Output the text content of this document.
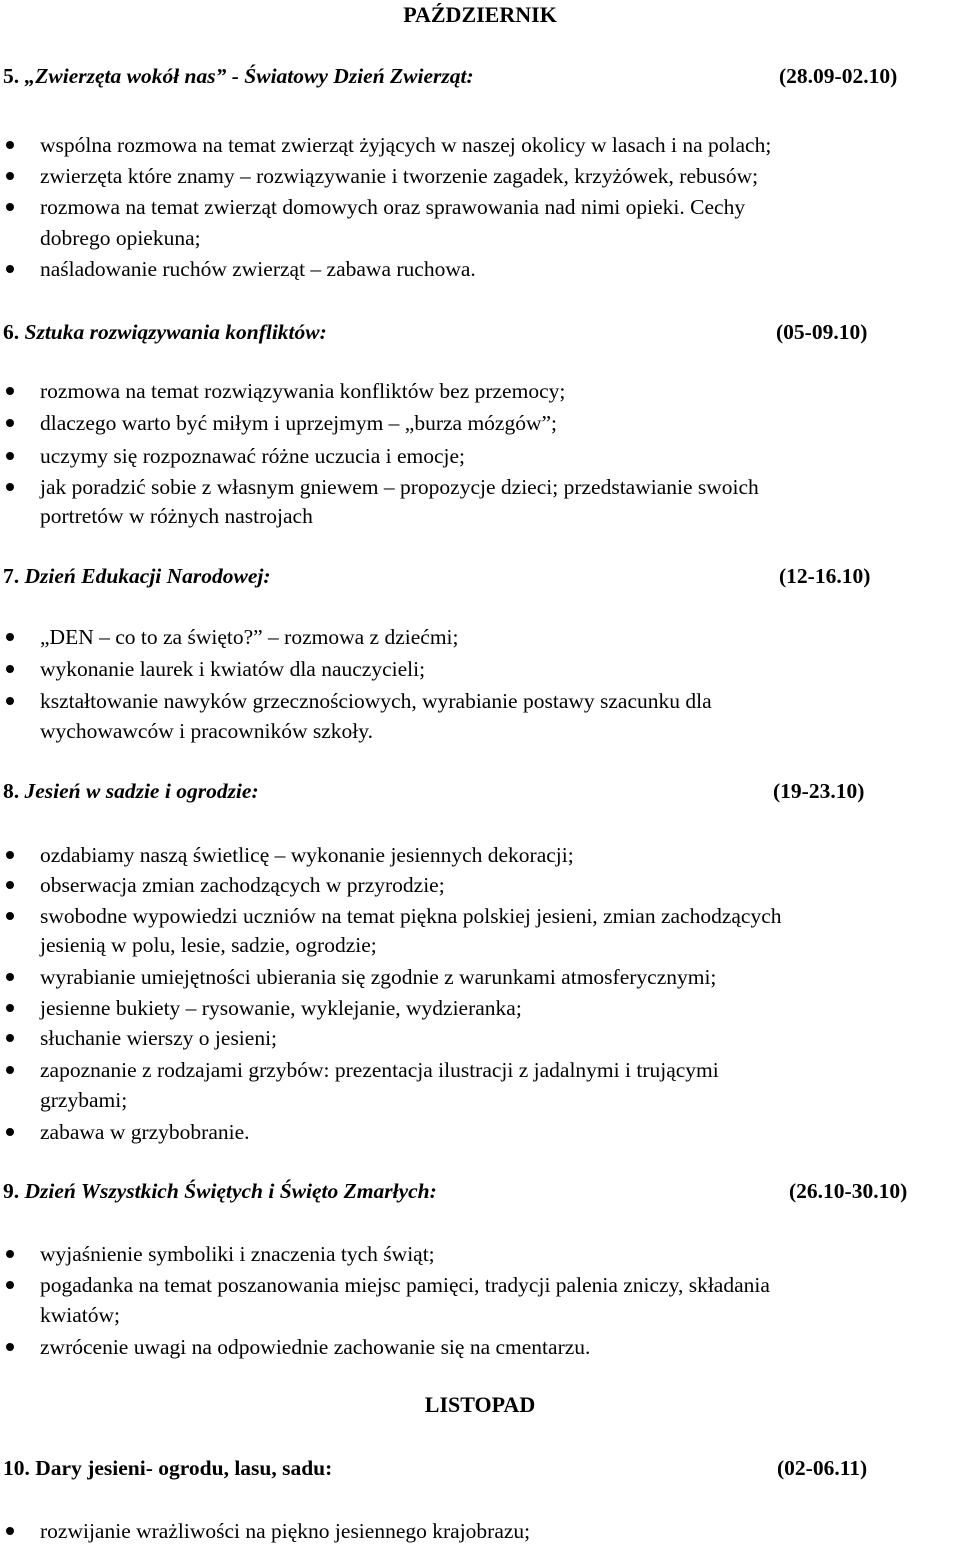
PAŹDZIERNIK
5. „Zwierzęta wokół nas” - Światowy Dzień Zwierząt:	(28.09-02.10)
wspólna rozmowa na temat zwierząt żyjących w naszej okolicy w lasach i na polach;
zwierzęta które znamy – rozwiązywanie i tworzenie zagadek, krzyżówek, rebusów;
rozmowa na temat zwierząt domowych oraz sprawowania nad nimi opieki. Cechy
dobrego opiekuna;
naśladowanie ruchów zwierząt – zabawa ruchowa.
6. Sztuka rozwiązywania konfliktów:	(05-09.10)
rozmowa na temat rozwiązywania konfliktów bez przemocy;
dlaczego warto być miłym i uprzejmym – „burza mózgów”;
uczymy się rozpoznawać różne uczucia i emocje;
jak poradzić sobie z własnym gniewem – propozycje dzieci; przedstawianie swoich
portretów w różnych nastrojach
7. Dzień Edukacji Narodowej:	(12-16.10)
„DEN – co to za święto?” – rozmowa z dziećmi;
wykonanie laurek i kwiatów dla nauczycieli;
kształtowanie nawyków grzecznościowych, wyrabianie postawy szacunku dla
wychowawców i pracowników szkoły.
8. Jesień w sadzie i ogrodzie:	(19-23.10)
ozdabiamy naszą świetlicę – wykonanie jesiennych dekoracji;
obserwacja zmian zachodzących w przyrodzie;
swobodne wypowiedzi uczniów na temat piękna polskiej jesieni, zmian zachodzących
jesienią w polu, lesie, sadzie, ogrodzie;
wyrabianie umiejętności ubierania się zgodnie z warunkami atmosferycznymi;
jesienne bukiety – rysowanie, wyklejanie, wydzieranka;
słuchanie wierszy o jesieni;
zapoznanie z rodzajami grzybów: prezentacja ilustracji z jadalnymi i trującymi
grzybami;
zabawa w grzybobranie.
9. Dzień Wszystkich Świętych i Święto Zmarłych:	(26.10-30.10)
wyjaśnienie symboliki i znaczenia tych świąt;
pogadanka na temat poszanowania miejsc pamięci, tradycji palenia zniczy, składania
kwiatów;
zwrócenie uwagi na odpowiednie zachowanie się na cmentarzu.
LISTOPAD
10. Dary jesieni- ogrodu, lasu, sadu:	(02-06.11)
rozwijanie wrażliwości na piękno jesiennego krajobrazu;
